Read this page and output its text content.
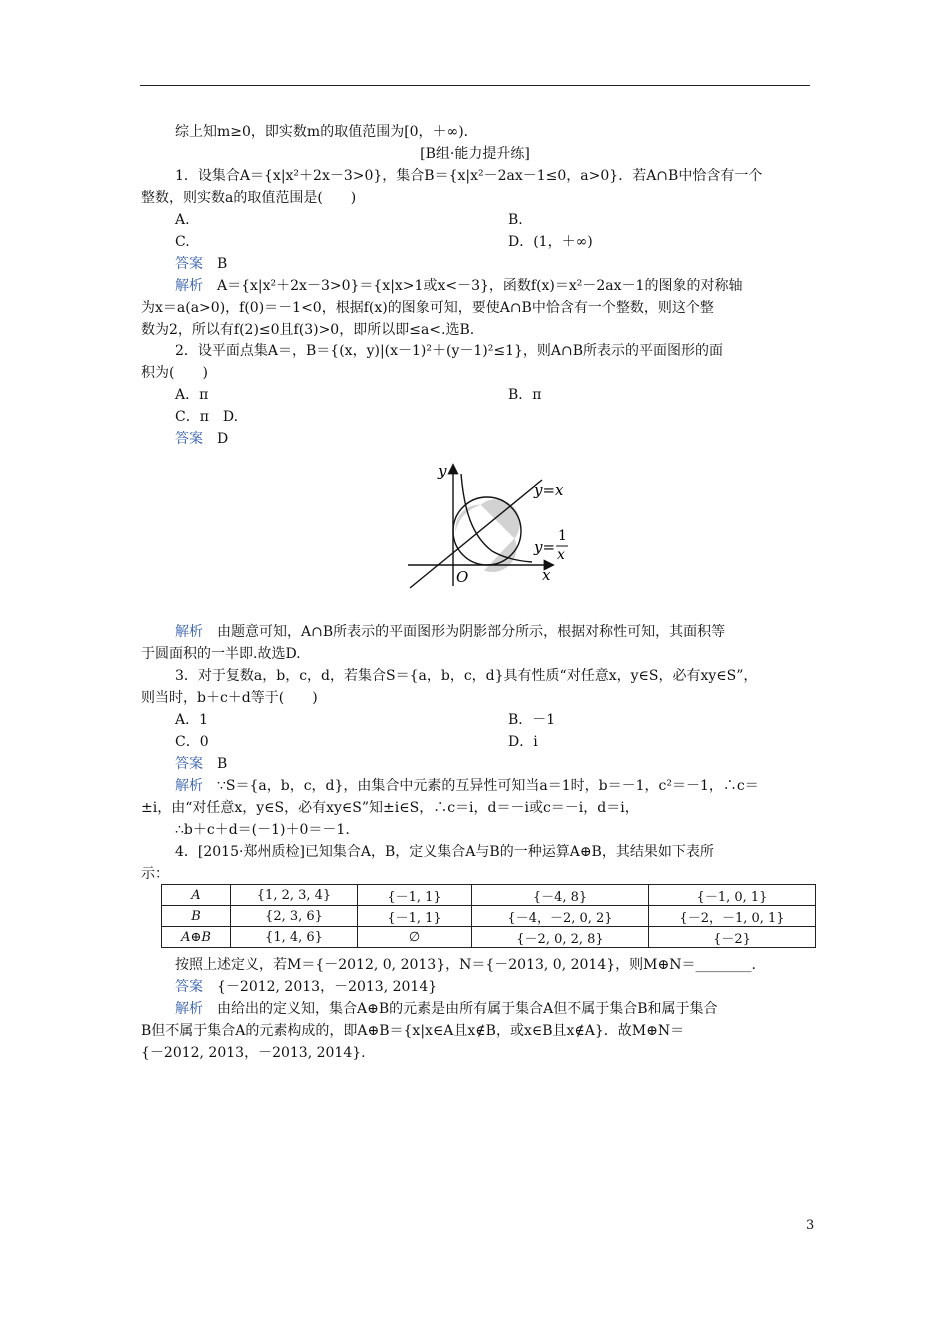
综上知m≥0，即实数m的取值范围为[0，＋∞)．
[B组·能力提升练]
1．设集合A＝{x|x²＋2x－3>0}，集合B＝{x|x²－2ax－1≤0，a>0}．若A∩B中恰含有一个
整数，则实数a的取值范围是(　　)
A.	B.
C.	D．(1，＋∞)
答案 B
解析 A＝{x|x²＋2x－3>0}＝{x|x>1或x<－3}，函数f(x)＝x²－2ax－1的图象的对称轴
为x＝a(a>0)，f(0)＝－1<0，根据f(x)的图象可知，要使A∩B中恰含有一个整数，则这个整
数为2，所以有f(2)≤0且f(3)>0，即所以即≤a<.选B.
2．设平面点集A＝，B＝{(x，y)|(x－1)²＋(y－1)²≤1}，则A∩B所表示的平面图形的面
积为(　　)
A．π	B．π
C．π　D.
答案 D
y
x
O
y=x
y=
1
x
解析 由题意可知，A∩B所表示的平面图形为阴影部分所示，根据对称性可知，其面积等
于圆面积的一半即.故选D.
3．对于复数a，b，c，d，若集合S＝{a，b，c，d}具有性质“对任意x，y∈S，必有xy∈S”，
则当时，b＋c＋d等于(　　)
A．1	B．－1
C．0	D．i
答案 B
解析 ∵S＝{a，b，c，d}，由集合中元素的互异性可知当a＝1时，b＝－1，c²＝－1，∴c＝
±i，由“对任意x，y∈S，必有xy∈S”知±i∈S，∴c＝i，d＝－i或c＝－i，d＝i，
∴b＋c＋d＝(－1)＋0＝－1.
4．[2015·郑州质检]已知集合A，B，定义集合A与B的一种运算A⊕B，其结果如下表所
示：
A	{1, 2, 3, 4}	{－1, 1}	{－4, 8}	{－1, 0, 1}
B	{2, 3, 6}	{－1, 1}	{－4，－2, 0, 2}	{－2，－1, 0, 1}
A⊕B	{1, 4, 6}	∅	{－2, 0, 2, 8}	{－2}
按照上述定义，若M＝{－2012, 0, 2013}，N＝{－2013, 0, 2014}，则M⊕N＝________.
答案 {－2012, 2013，－2013, 2014}
解析 由给出的定义知，集合A⊕B的元素是由所有属于集合A但不属于集合B和属于集合
B但不属于集合A的元素构成的，即A⊕B＝{x|x∈A且x∉B，或x∈B且x∉A}．故M⊕N＝
{－2012, 2013，－2013, 2014}.
3
